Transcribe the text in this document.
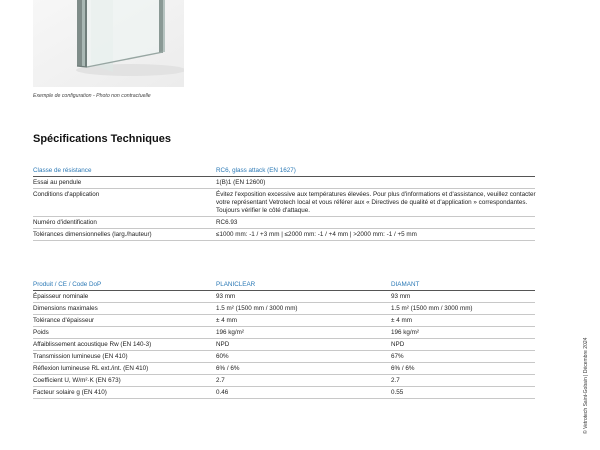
Exemple de configuration - Photo non contractuelle
Spécifications Techniques
Classe de résistance	RC6, glass attack (EN 1627)
Essai au pendule	1(B)1 (EN 12600)
Conditions d'application	Évitez l'exposition excessive aux températures élevées. Pour plus d'informations et d'assistance, veuillez contacter votre représentant Vetrotech local et vous référer aux « Directives de qualité et d'application » correspondantes. Toujours vérifier le côté d'attaque.
Numéro d'identification	RC6.93
Tolérances dimensionnelles (larg./hauteur)	≤1000 mm: -1 / +3 mm | ≤2000 mm: -1 / +4 mm | >2000 mm: -1 / +5 mm
Produit / CE / Code DoP	PLANICLEAR	DIAMANT
Épaisseur nominale	93 mm	93 mm
Dimensions maximales	1.5 m² (1500 mm / 3000 mm)	1.5 m² (1500 mm / 3000 mm)
Tolérance d'épaisseur	± 4 mm	± 4 mm
Poids	196 kg/m²	196 kg/m²
Affaiblissement acoustique Rw (EN 140-3)	NPD	NPD
Transmission lumineuse (EN 410)	60%	67%
Réflexion lumineuse RL ext./int. (EN 410)	6% / 6%	6% / 6%
Coefficient U, W/m²·K (EN 673)	2.7	2.7
Facteur solaire g (EN 410)	0.46	0.55	© Vetrotech Saint-Gobain | Décembre 2024
